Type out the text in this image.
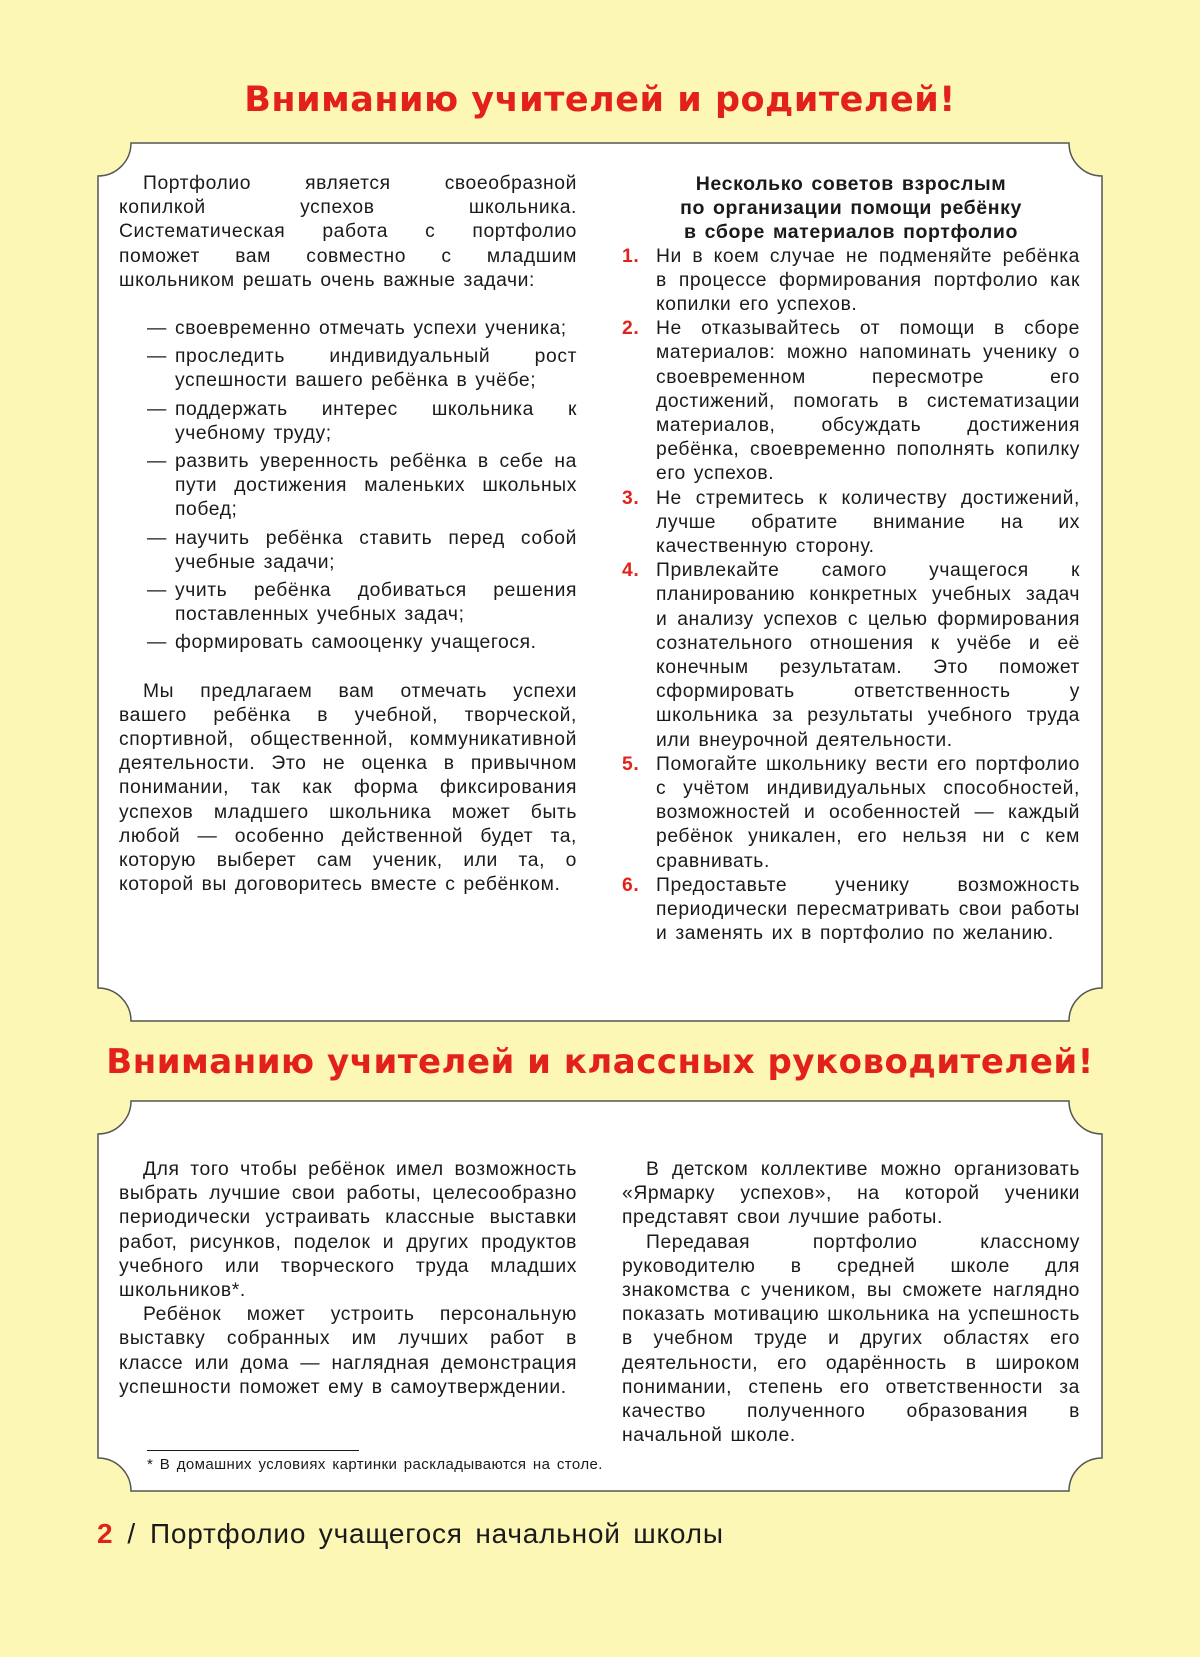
Вниманию учителей и родителей!

Портфолио является своеобразной копилкой успехов школьника. Систематическая работа с портфолио поможет вам совместно с младшим школьником решать очень важные задачи:

— своевременно отмечать успехи ученика;
— проследить индивидуальный рост успешности вашего ребёнка в учёбе;
— поддержать интерес школьника к учебному труду;
— развить уверенность ребёнка в себе на пути достижения маленьких школьных побед;
— научить ребёнка ставить перед собой учебные задачи;
— учить ребёнка добиваться решения поставленных учебных задач;
— формировать самооценку учащегося.

Мы предлагаем вам отмечать успехи вашего ребёнка в учебной, творческой, спортивной, общественной, коммуникативной деятельности. Это не оценка в привычном понимании, так как форма фиксирования успехов младшего школьника может быть любой — особенно действенной будет та, которую выберет сам ученик, или та, о которой вы договоритесь вместе с ребёнком.

Несколько советов взрослым
по организации помощи ребёнку
в сборе материалов портфолио
1. Ни в коем случае не подменяйте ребёнка в процессе формирования портфолио как копилки его успехов.
2. Не отказывайтесь от помощи в сборе материалов: можно напоминать ученику о своевременном пересмотре его достижений, помогать в систематизации материалов, обсуждать достижения ребёнка, своевременно пополнять копилку его успехов.
3. Не стремитесь к количеству достижений, лучше обратите внимание на их качественную сторону.
4. Привлекайте самого учащегося к планированию конкретных учебных задач и анализу успехов с целью формирования сознательного отношения к учёбе и её конечным результатам. Это поможет сформировать ответственность у школьника за результаты учебного труда или внеурочной деятельности.
5. Помогайте школьнику вести его портфолио с учётом индивидуальных способностей, возможностей и особенностей — каждый ребёнок уникален, его нельзя ни с кем сравнивать.
6. Предоставьте ученику возможность периодически пересматривать свои работы и заменять их в портфолио по желанию.
Вниманию учителей и классных руководителей!

Для того чтобы ребёнок имел возможность выбрать лучшие свои работы, целесообразно периодически устраивать классные выставки работ, рисунков, поделок и других продуктов учебного или творческого труда младших школьников*.

Ребёнок может устроить персональную выставку собранных им лучших работ в классе или дома — наглядная демонстрация успешности поможет ему в самоутверждении.

В детском коллективе можно организовать «Ярмарку успехов», на которой ученики представят свои лучшие работы.

Передавая портфолио классному руководителю в средней школе для знакомства с учеником, вы сможете наглядно показать мотивацию школьника на успешность в учебном труде и других областях его деятельности, его одарённость в широком понимании, степень его ответственности за качество полученного образования в начальной школе.

* В домашних условиях картинки раскладываются на столе.
2 / Портфолио учащегося начальной школы
